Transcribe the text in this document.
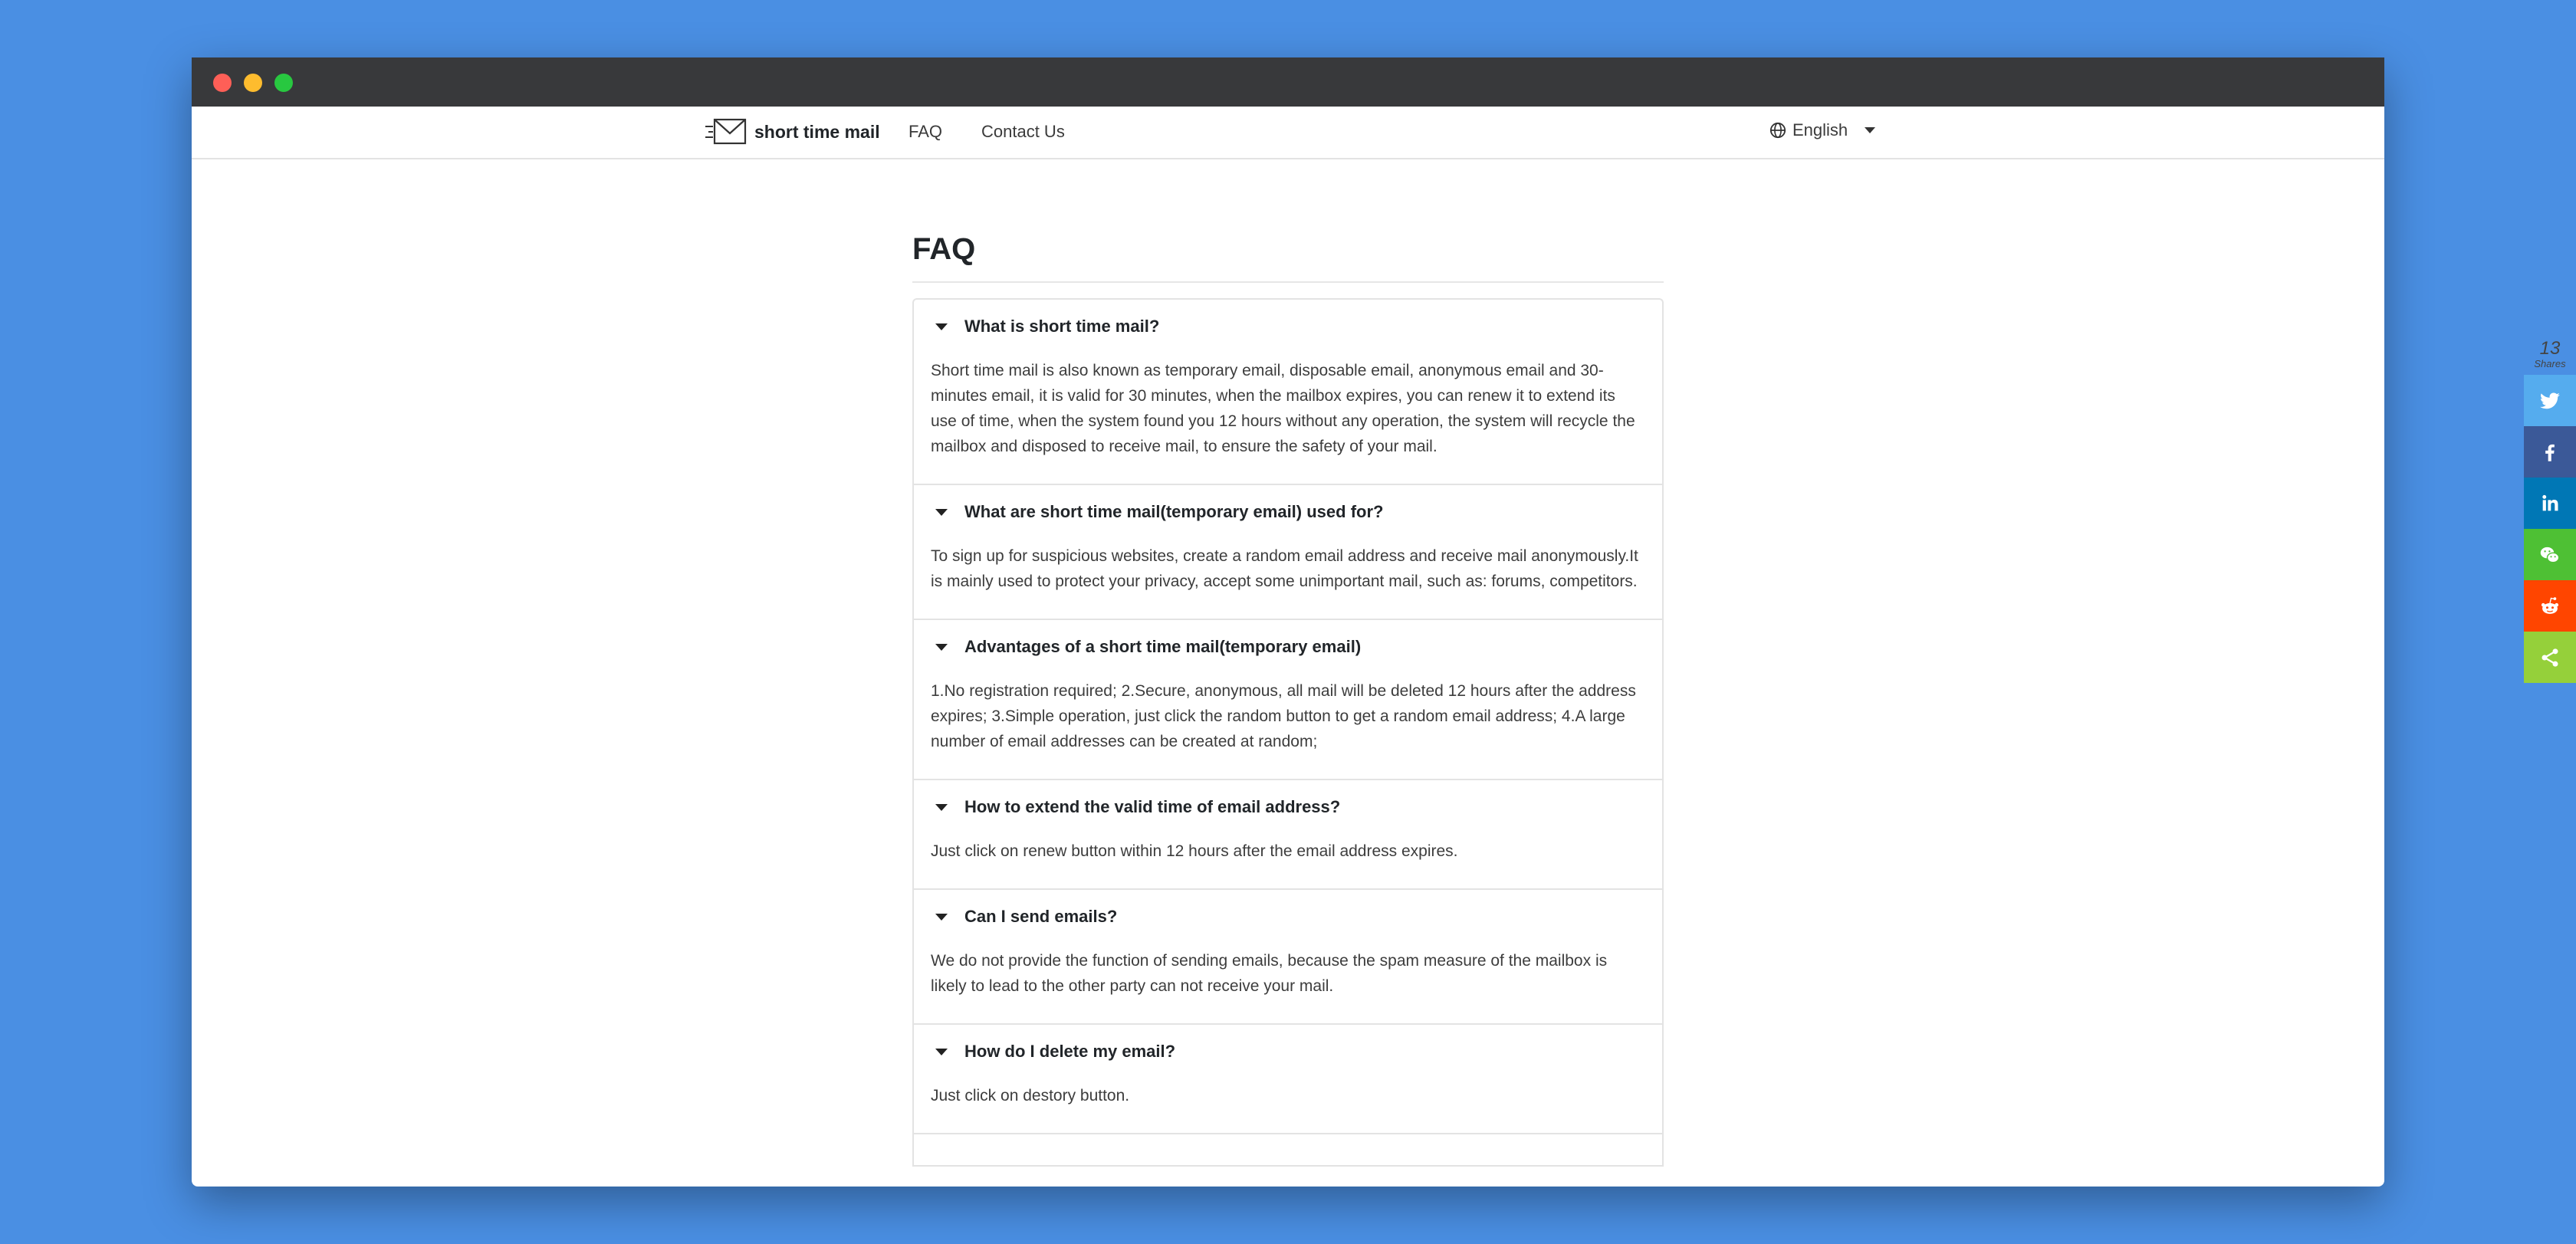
short time mail FAQ Contact Us	English
FAQ
What is short time mail?
Short time mail is also known as temporary email, disposable email, anonymous email and 30-minutes email, it is valid for 30 minutes, when the mailbox expires, you can renew it to extend its use of time, when the system found you 12 hours without any operation, the system will recycle the mailbox and disposed to receive mail, to ensure the safety of your mail.
What are short time mail(temporary email) used for?
To sign up for suspicious websites, create a random email address and receive mail anonymously.It is mainly used to protect your privacy, accept some unimportant mail, such as: forums, competitors.
Advantages of a short time mail(temporary email)
1.No registration required; 2.Secure, anonymous, all mail will be deleted 12 hours after the address expires; 3.Simple operation, just click the random button to get a random email address; 4.A large number of email addresses can be created at random;
How to extend the valid time of email address?
Just click on renew button within 12 hours after the email address expires.
Can I send emails?
We do not provide the function of sending emails, because the spam measure of the mailbox is likely to lead to the other party can not receive your mail.
How do I delete my email?
Just click on destory button.
13
Shares
